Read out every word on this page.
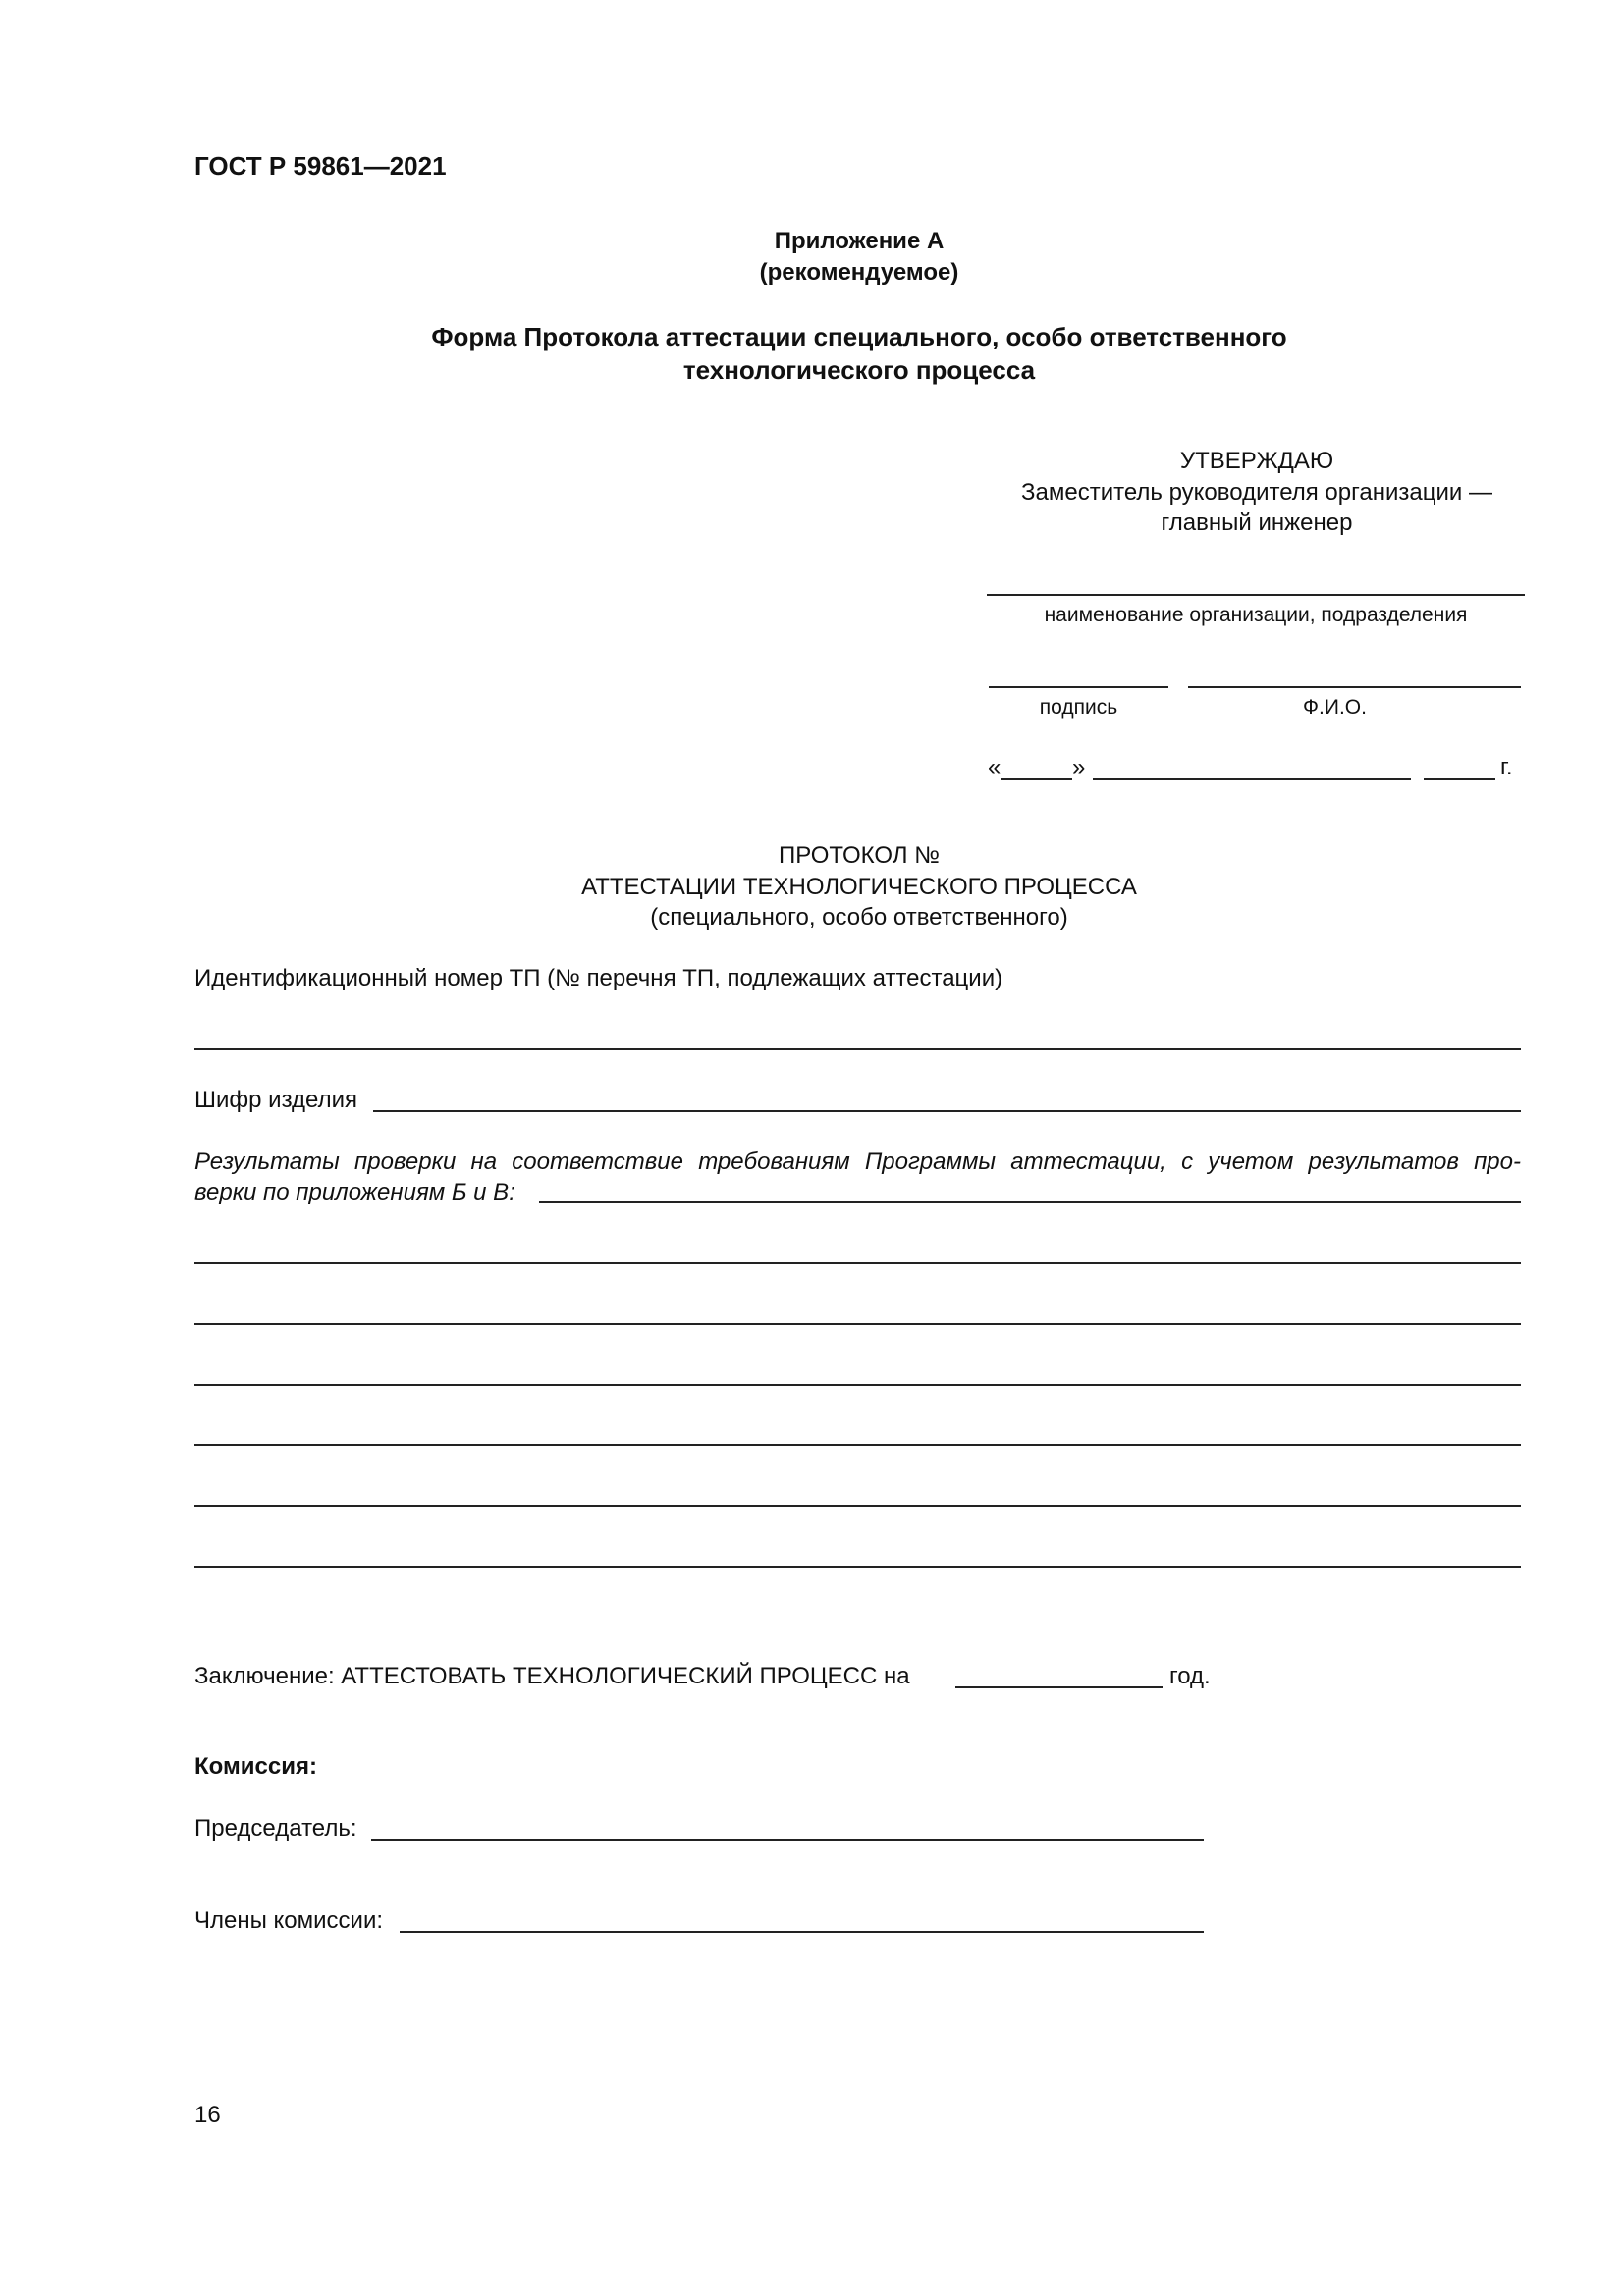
ГОСТ Р 59861—2021
Приложение А
(рекомендуемое)
Форма Протокола аттестации специального, особо ответственного
технологического процесса
УТВЕРЖДАЮ
Заместитель руководителя организации —
главный инженер
наименование организации, подразделения
подпись	Ф.И.О.
«	»	г.
ПРОТОКОЛ №
АТТЕСТАЦИИ ТЕХНОЛОГИЧЕСКОГО ПРОЦЕССА
(специального, особо ответственного)
Идентификационный номер ТП (№ перечня ТП, подлежащих аттестации)
Шифр изделия
Результаты проверки на соответствие требованиям Программы аттестации, с учетом результатов про-
верки по приложениям Б и В:
Заключение: АТТЕСТОВАТЬ ТЕХНОЛОГИЧЕСКИЙ ПРОЦЕСС на	год.
Комиссия:
Председатель:
Члены комиссии:
16
